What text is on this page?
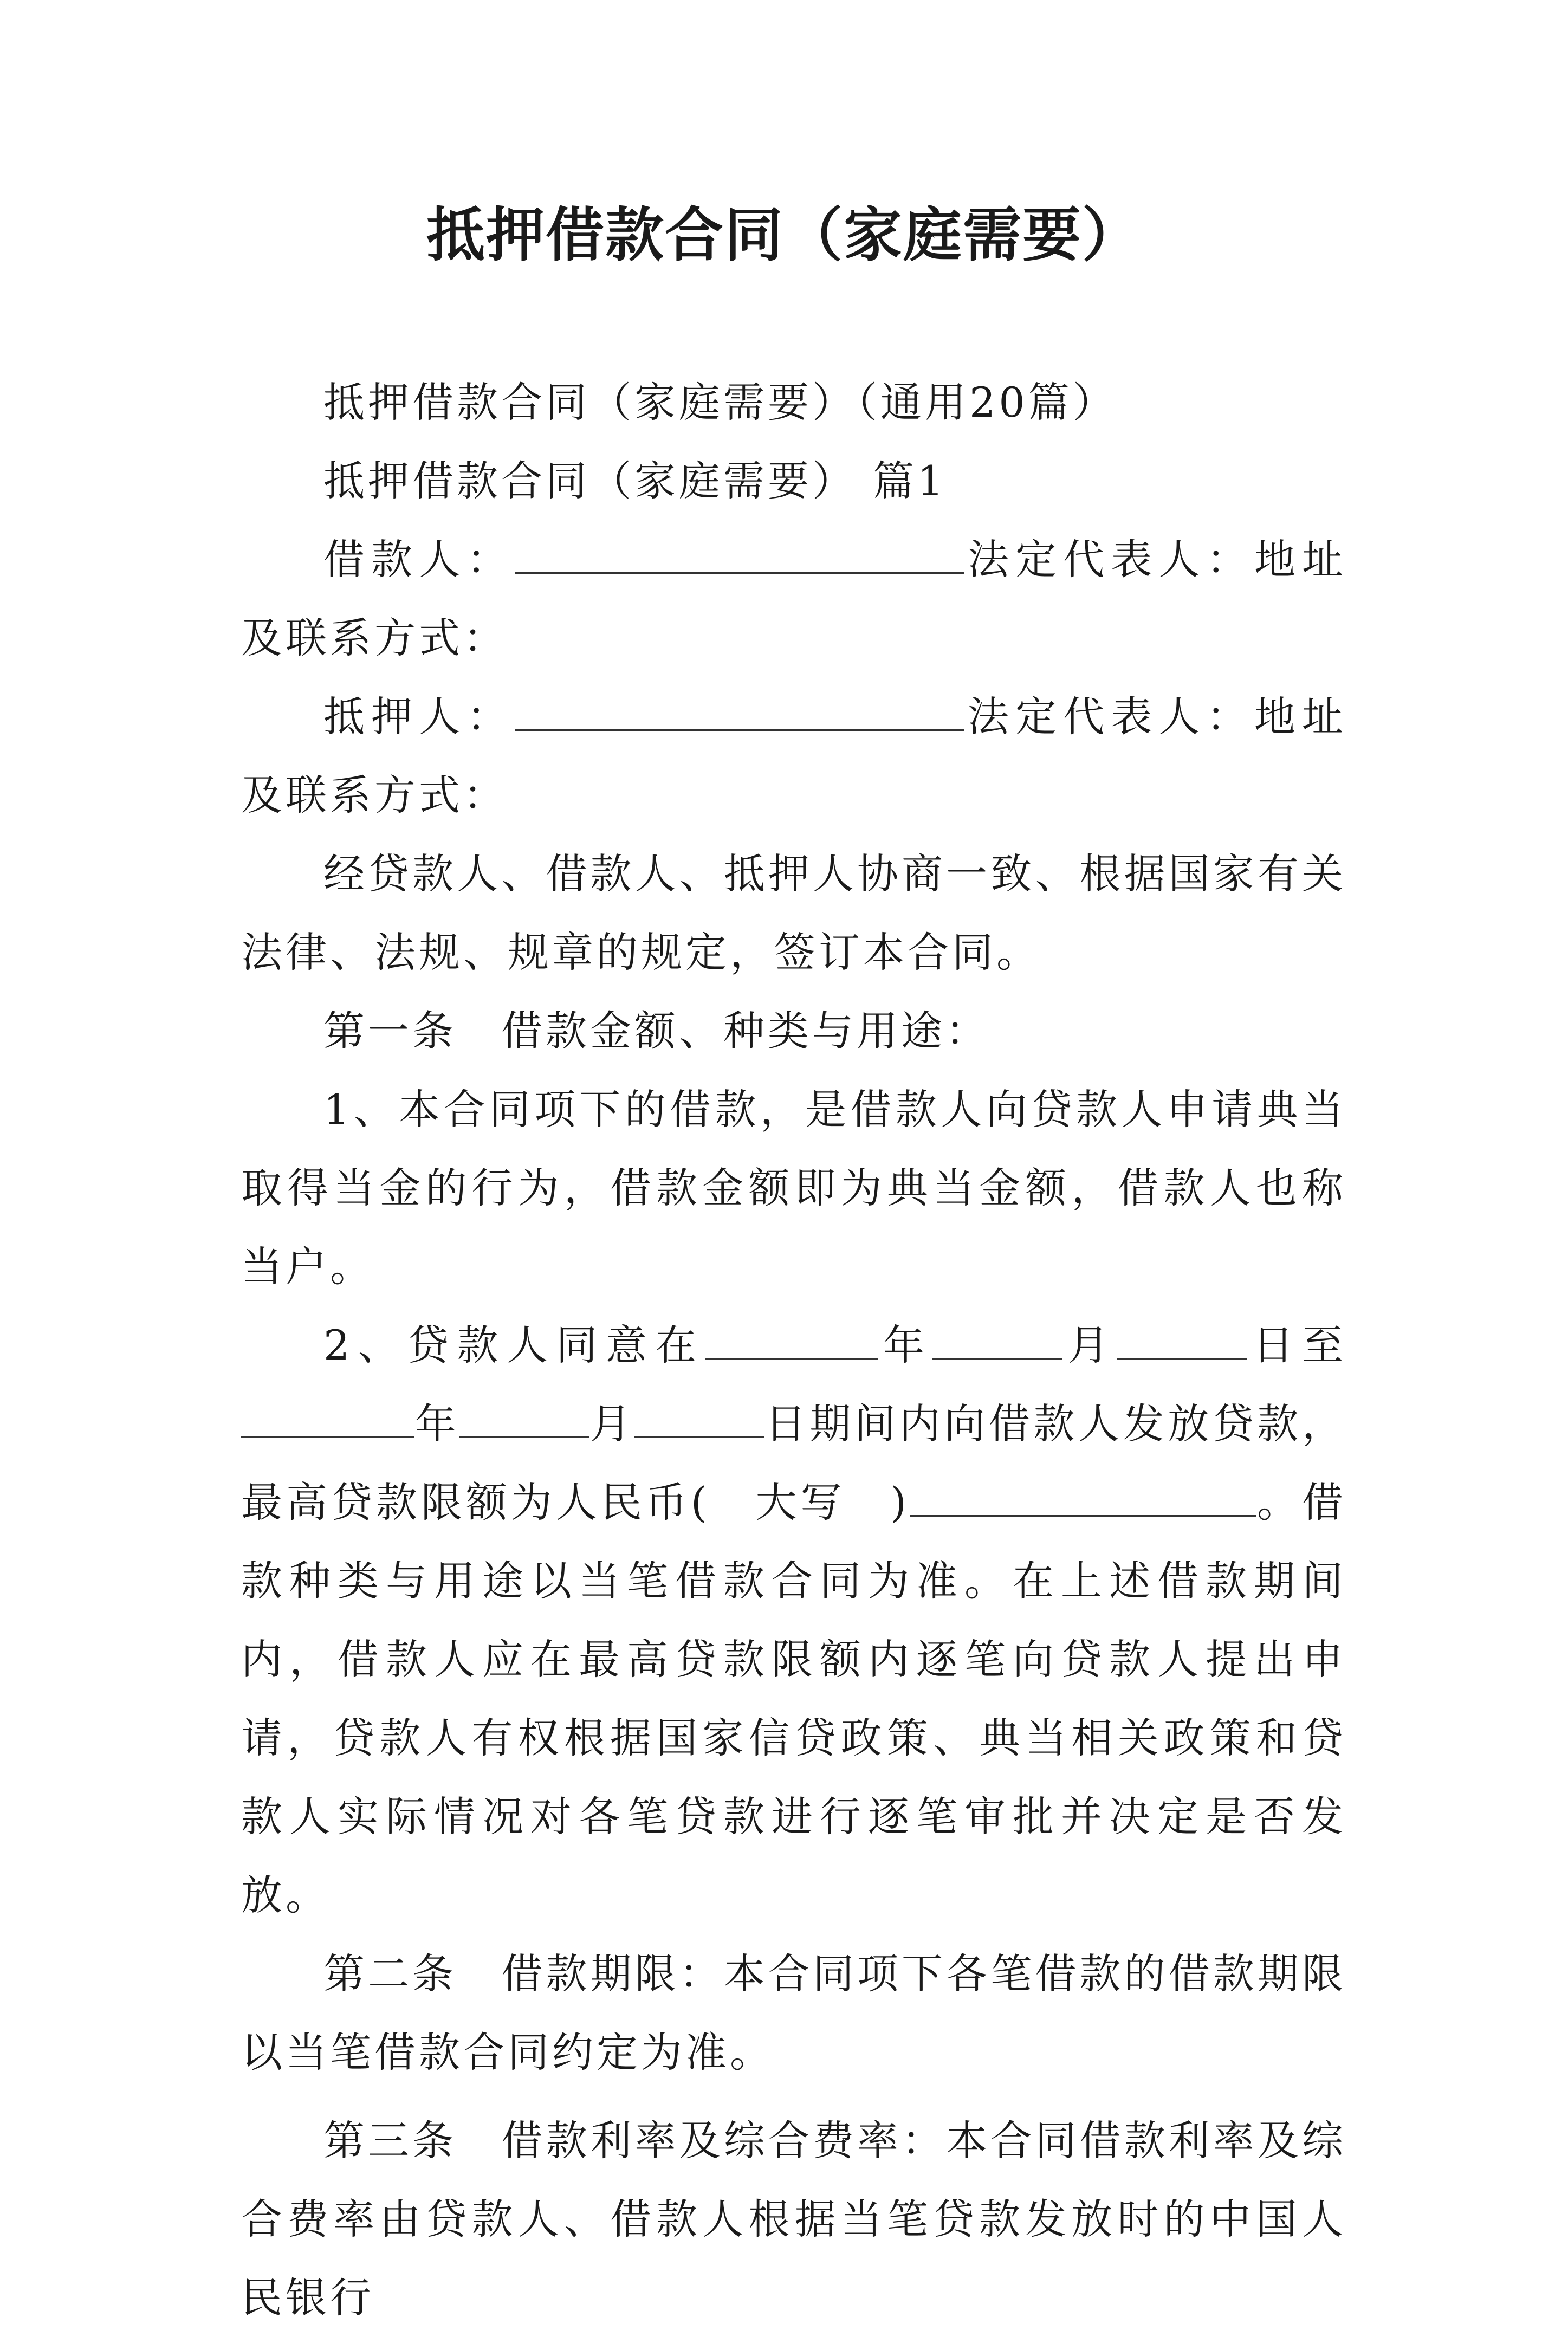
抵押借款合同（家庭需要）

抵押借款合同（家庭需要）（通用20篇）

抵押借款合同（家庭需要） 篇1

借款人：	法定代表人：地址及联系方式：

抵押人：	法定代表人：地址及联系方式：

经贷款人、借款人、抵押人协商一致、根据国家有关法律、法规、规章的规定，签订本合同。

第一条　借款金额、种类与用途：

1、本合同项下的借款，是借款人向贷款人申请典当取得当金的行为，借款金额即为典当金额，借款人也称当户。

2、贷款人同意在	年	月	日至年	月	日期间内向借款人发放贷款，最高贷款限额为人民币(　大写　)	。借款种类与用途以当笔借款合同为准。在上述借款期间内，借款人应在最高贷款限额内逐笔向贷款人提出申请，贷款人有权根据国家信贷政策、典当相关政策和贷款人实际情况对各笔贷款进行逐笔审批并决定是否发放。

第二条　借款期限：本合同项下各笔借款的借款期限以当笔借款合同约定为准。

第三条　借款利率及综合费率：本合同借款利率及综合费率由贷款人、借款人根据当笔贷款发放时的中国人民银行
